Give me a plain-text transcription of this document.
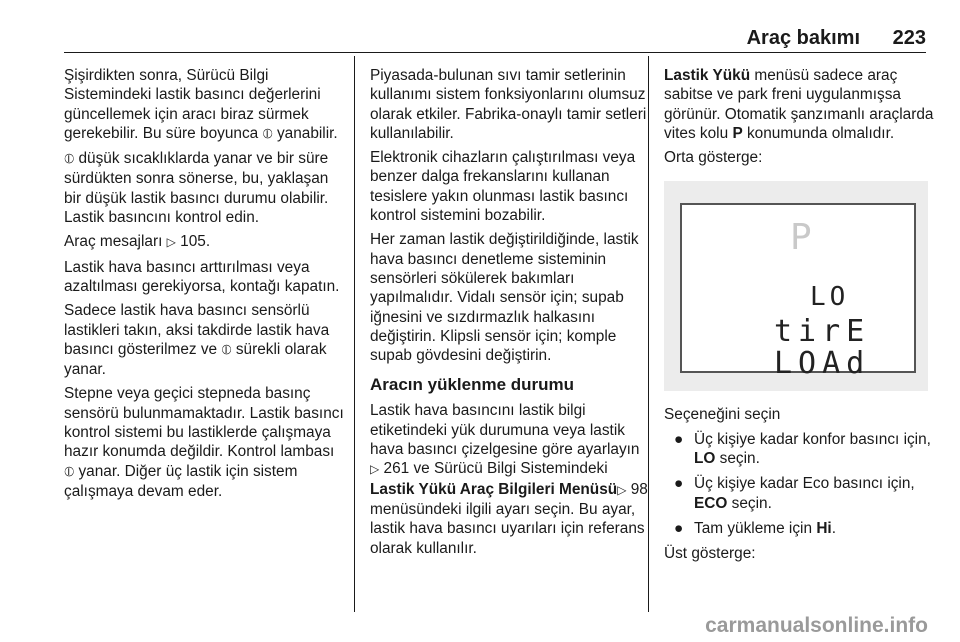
Araç bakımı 223

Şişirdikten sonra, Sürücü Bilgi Sistemindeki lastik basıncı değerlerini güncellemek için aracı biraz sürmek gerekebilir. Bu süre boyunca ⦶ yanabilir.

⦶ düşük sıcaklıklarda yanar ve bir süre sürdükten sonra sönerse, bu, yaklaşan bir düşük lastik basıncı durumu olabilir. Lastik basıncını kontrol edin.

Araç mesajları ▷ 105.

Lastik hava basıncı arttırılması veya azaltılması gerekiyorsa, kontağı kapatın.

Sadece lastik hava basıncı sensörlü lastikleri takın, aksi takdirde lastik hava basıncı gösterilmez ve ⦶ sürekli olarak yanar.

Stepne veya geçici stepneda basınç sensörü bulunmamaktadır. Lastik basıncı kontrol sistemi bu lastiklerde çalışmaya hazır konumda değildir. Kontrol lambası ⦶ yanar. Diğer üç lastik için sistem çalışmaya devam eder.

Piyasada-bulunan sıvı tamir setlerinin kullanımı sistem fonksiyonlarını olumsuz olarak etkiler. Fabrika-onaylı tamir setleri kullanılabilir.

Elektronik cihazların çalıştırılması veya benzer dalga frekanslarını kullanan tesislere yakın olunması lastik basıncı kontrol sistemini bozabilir.

Her zaman lastik değiştirildiğinde, lastik hava basıncı denetleme sisteminin sensörleri sökülerek bakımları yapılmalıdır. Vidalı sensör için; supab iğnesini ve sızdırmazlık halkasını değiştirin. Klipsli sensör için; komple supab gövdesini değiştirin.

Aracın yüklenme durumu

Lastik hava basıncını lastik bilgi etiketindeki yük durumuna veya lastik hava basıncı çizelgesine göre ayarlayın ▷ 261 ve Sürücü Bilgi Sistemindeki Lastik Yükü Araç Bilgileri Menüsü▷ 98 menüsündeki ilgili ayarı seçin. Bu ayar, lastik hava basıncı uyarıları için referans olarak kullanılır.

Lastik Yükü menüsü sadece araç sabitse ve park freni uygulanmışsa görünür. Otomatik şanzımanlı araçlarda vites kolu P konumunda olmalıdır.

Orta gösterge:

P
LO
tirE
LOAd

Seçeneğini seçin

● Üç kişiye kadar konfor basıncı için, LO seçin.
● Üç kişiye kadar Eco basıncı için, ECO seçin.
● Tam yükleme için Hi.

Üst gösterge:

carmanualsonline.info
